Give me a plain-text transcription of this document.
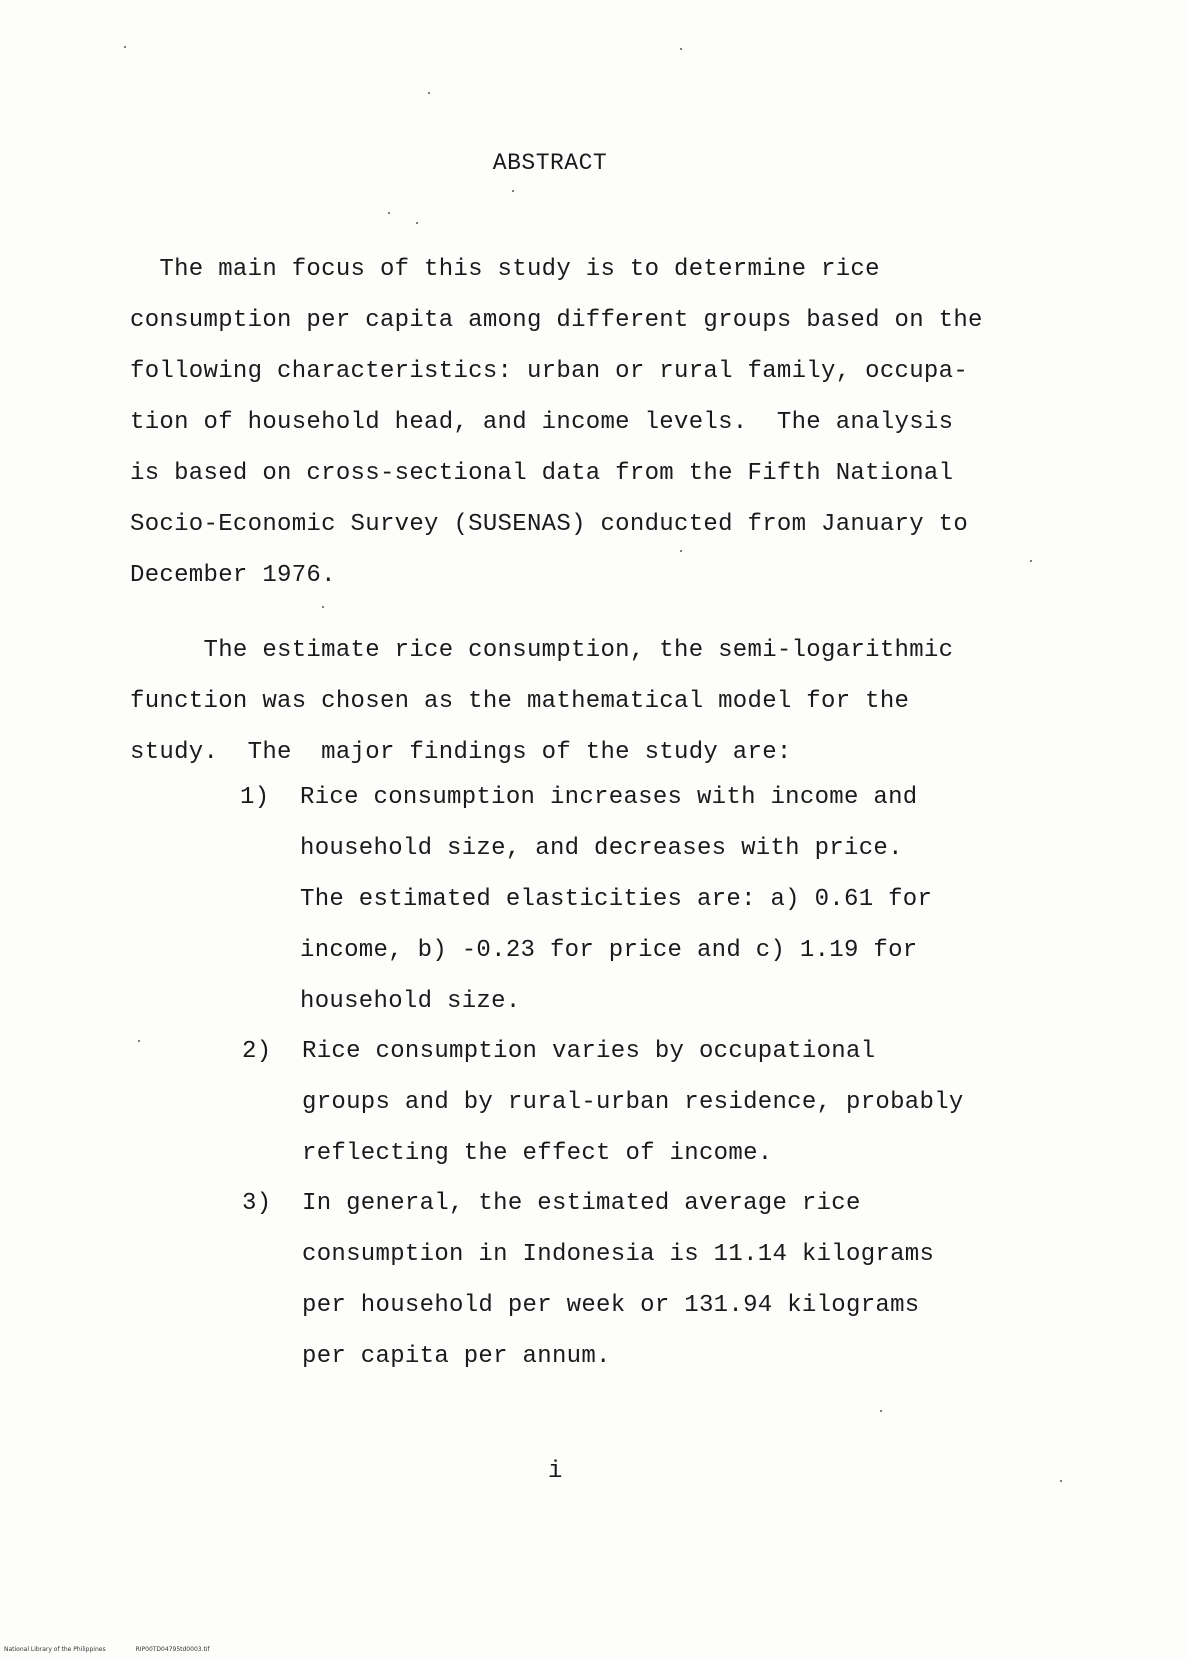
ABSTRACT
The main focus of this study is to determine rice
consumption per capita among different groups based on the
following characteristics: urban or rural family, occupa-
tion of household head, and income levels.  The analysis
is based on cross-sectional data from the Fifth National
Socio-Economic Survey (SUSENAS) conducted from January to
December 1976.
The estimate rice consumption, the semi-logarithmic
function was chosen as the mathematical model for the
study.  The  major findings of the study are:
1) Rice consumption increases with income and
household size, and decreases with price.
The estimated elasticities are: a) 0.61 for
income, b) -0.23 for price and c) 1.19 for
household size.
2) Rice consumption varies by occupational
groups and by rural-urban residence, probably
reflecting the effect of income.
3) In general, the estimated average rice
consumption in Indonesia is 11.14 kilograms
per household per week or 131.94 kilograms
per capita per annum.
i
National Library of the Philippines	RIP00TD04795td0003.tif
